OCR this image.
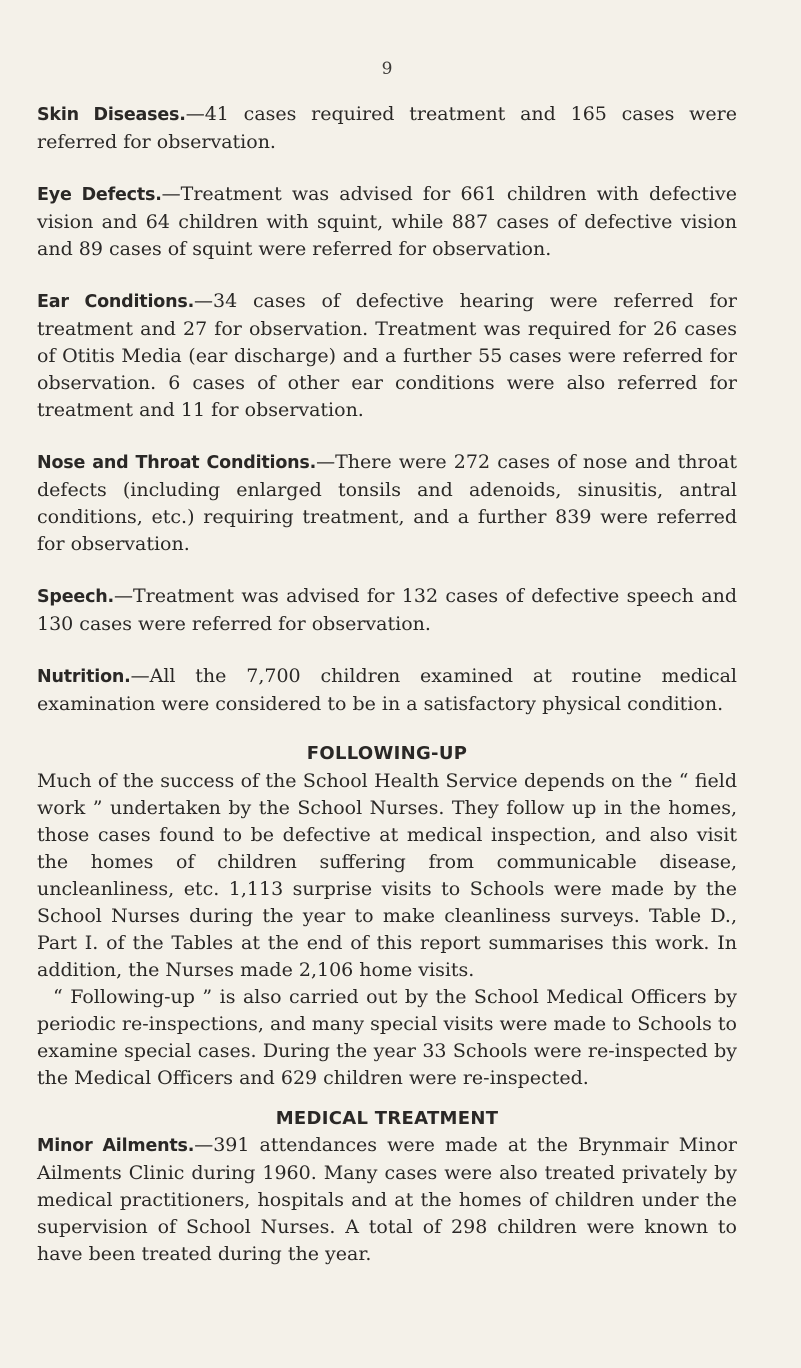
9

Skin Diseases.—41 cases required treatment and 165 cases were referred for observation.

Eye Defects.—Treatment was advised for 661 children with defective vision and 64 children with squint, while 887 cases of defective vision and 89 cases of squint were referred for observation.

Ear Conditions.—34 cases of defective hearing were referred for treatment and 27 for observation. Treatment was required for 26 cases of Otitis Media (ear discharge) and a further 55 cases were referred for observation. 6 cases of other ear conditions were also referred for treatment and 11 for observation.

Nose and Throat Conditions.—There were 272 cases of nose and throat defects (including enlarged tonsils and adenoids, sinusitis, antral conditions, etc.) requiring treatment, and a further 839 were referred for observation.

Speech.—Treatment was advised for 132 cases of defective speech and 130 cases were referred for observation.

Nutrition.—All the 7,700 children examined at routine medical examination were considered to be in a satisfactory physical condition.

FOLLOWING-UP

Much of the success of the School Health Service depends on the “ field work ” undertaken by the School Nurses. They follow up in the homes, those cases found to be defective at medical inspection, and also visit the homes of children suffering from communicable disease, uncleanliness, etc. 1,113 surprise visits to Schools were made by the School Nurses during the year to make cleanliness surveys. Table D., Part I. of the Tables at the end of this report summarises this work. In addition, the Nurses made 2,106 home visits.

“ Following-up ” is also carried out by the School Medical Officers by periodic re-inspections, and many special visits were made to Schools to examine special cases. During the year 33 Schools were re-inspected by the Medical Officers and 629 children were re-inspected.

MEDICAL TREATMENT

Minor Ailments.—391 attendances were made at the Brynmair Minor Ailments Clinic during 1960. Many cases were also treated privately by medical practitioners, hospitals and at the homes of children under the supervision of School Nurses. A total of 298 children were known to have been treated during the year.
